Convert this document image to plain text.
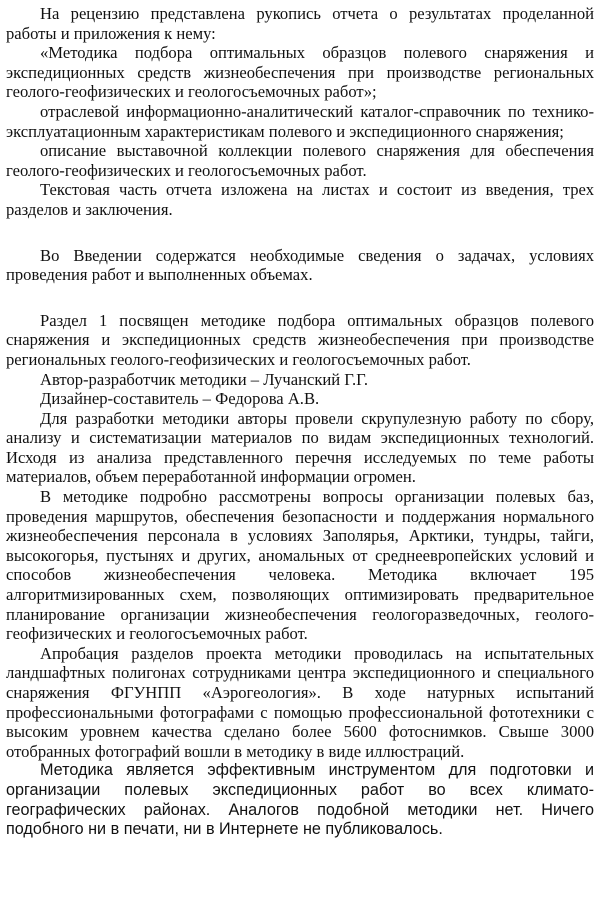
На рецензию представлена рукопись отчета о результатах проделанной работы и приложения к нему:

«Методика подбора оптимальных образцов полевого снаряжения и экспедиционных средств жизнеобеспечения при производстве региональных геолого-геофизических и геологосъемочных работ»;

отраслевой информационно-аналитический каталог-справочник по технико-эксплуатационным характеристикам полевого и экспедиционного снаряжения;

описание выставочной коллекции полевого снаряжения для обеспечения геолого-геофизических и геологосъемочных работ.

Текстовая часть отчета изложена на листах и состоит из введения, трех разделов и заключения.

Во Введении содержатся необходимые сведения о задачах, условиях проведения работ и выполненных объемах.

Раздел 1 посвящен методике подбора оптимальных образцов полевого снаряжения и экспедиционных средств жизнеобеспечения при производстве региональных геолого-геофизических и геологосъемочных работ.

Автор-разработчик методики – Лучанский Г.Г.

Дизайнер-составитель – Федорова А.В.

Для разработки методики авторы провели скрупулезную работу по сбору, анализу и систематизации материалов по видам экспедиционных технологий. Исходя из анализа представленного перечня исследуемых по теме работы материалов, объем переработанной информации огромен.

В методике подробно рассмотрены вопросы организации полевых баз, проведения маршрутов, обеспечения безопасности и поддержания нормального жизнеобеспечения персонала в условиях Заполярья, Арктики, тундры, тайги, высокогорья, пустынях и других, аномальных от среднеевропейских условий и способов жизнеобеспечения человека. Методика включает 195 алгоритмизированных схем, позволяющих оптимизировать предварительное планирование организации жизнеобеспечения геологоразведочных, геолого-геофизических и геологосъемочных работ.

Апробация разделов проекта методики проводилась на испытательных ландшафтных полигонах сотрудниками центра экспедиционного и специального снаряжения ФГУНПП «Аэрогеология». В ходе натурных испытаний профессиональными фотографами с помощью профессиональной фототехники с высоким уровнем качества сделано более 5600 фотоснимков. Свыше 3000 отобранных фотографий вошли в методику в виде иллюстраций.

Методика является эффективным инструментом для подготовки и организации полевых экспедиционных работ во всех климато-географических районах. Аналогов подобной методики нет. Ничего подобного ни в печати, ни в Интернете не публиковалось.
